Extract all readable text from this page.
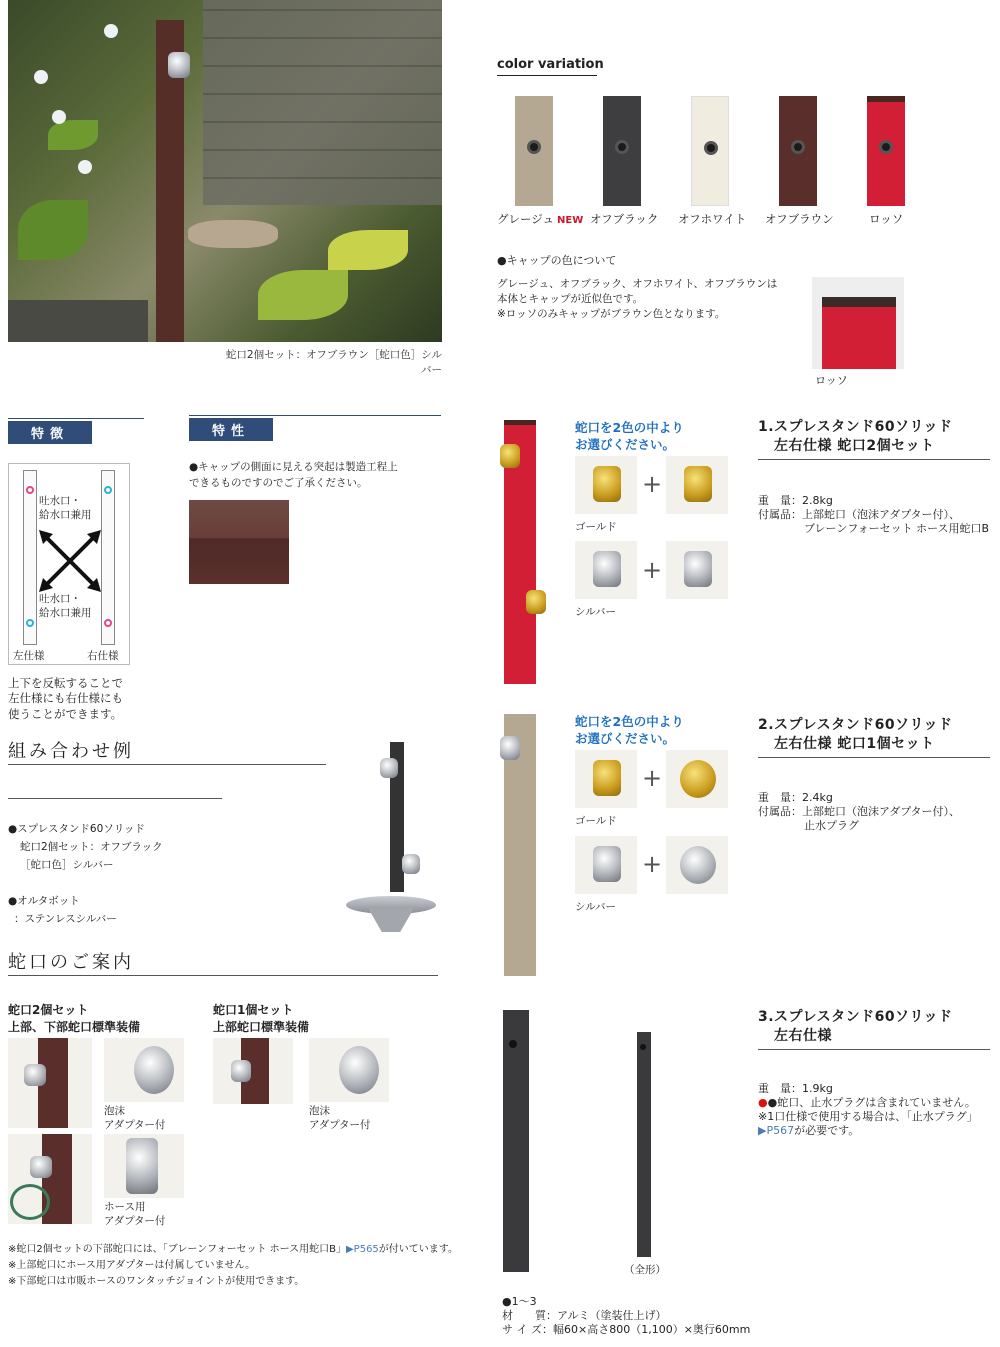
蛇口2個セット：オフブラウン［蛇口色］シルバー
color variation
グレージュ NEW オフブラック オフホワイト オフブラウン	ロッソ
●キャップの色について
グレージュ、オフブラック、オフホワイト、オフブラウンは
本体とキャップが近似色です。
※ロッソのみキャップがブラウン色となります。
ロッソ
特徴
吐水口・
給水口兼用
吐水口・
給水口兼用
左仕様	右仕様
上下を反転することで
左仕様にも右仕様にも
使うことができます。
特性
●キャップの側面に見える突起は製造工程上
できるものですのでご了承ください。
組み合わせ例
●スプレスタンド60ソリッド
蛇口2個セット：オフブラック
［蛇口色］シルバー
●オルタボット
：ステンレスシルバー
蛇口のご案内
蛇口2個セット
上部、下部蛇口標準装備
蛇口1個セット
上部蛇口標準装備
泡沫
アダプター付
ホース用
アダプター付
泡沫
アダプター付
※蛇口2個セットの下部蛇口には、「ブレーンフォーセット ホース用蛇口B」▶P565が付いています。
※上部蛇口にホース用アダプターは付属していません。
※下部蛇口は市販ホースのワンタッチジョイントが使用できます。
蛇口を2色の中より
お選びください。
+
ゴールド
+
シルバー
1.スプレスタンド60ソリッド
左右仕様 蛇口2個セット
重　量：2.8kg
付属品：上部蛇口（泡沫アダプター付）、
ブレーンフォーセット ホース用蛇口B
蛇口を2色の中より
お選びください。
+
ゴールド
+
シルバー
2.スプレスタンド60ソリッド
左右仕様 蛇口1個セット
重　量：2.4kg
付属品：上部蛇口（泡沫アダプター付）、
止水プラグ
（全形）
3.スプレスタンド60ソリッド
左右仕様
重　量：1.9kg
●●蛇口、止水プラグは含まれていません。
※1口仕様で使用する場合は、「止水プラグ」
▶P567が必要です。
●1〜3
材　　質：アルミ（塗装仕上げ）
サ イ ズ：幅60×高さ800（1,100）×奥行60mm
